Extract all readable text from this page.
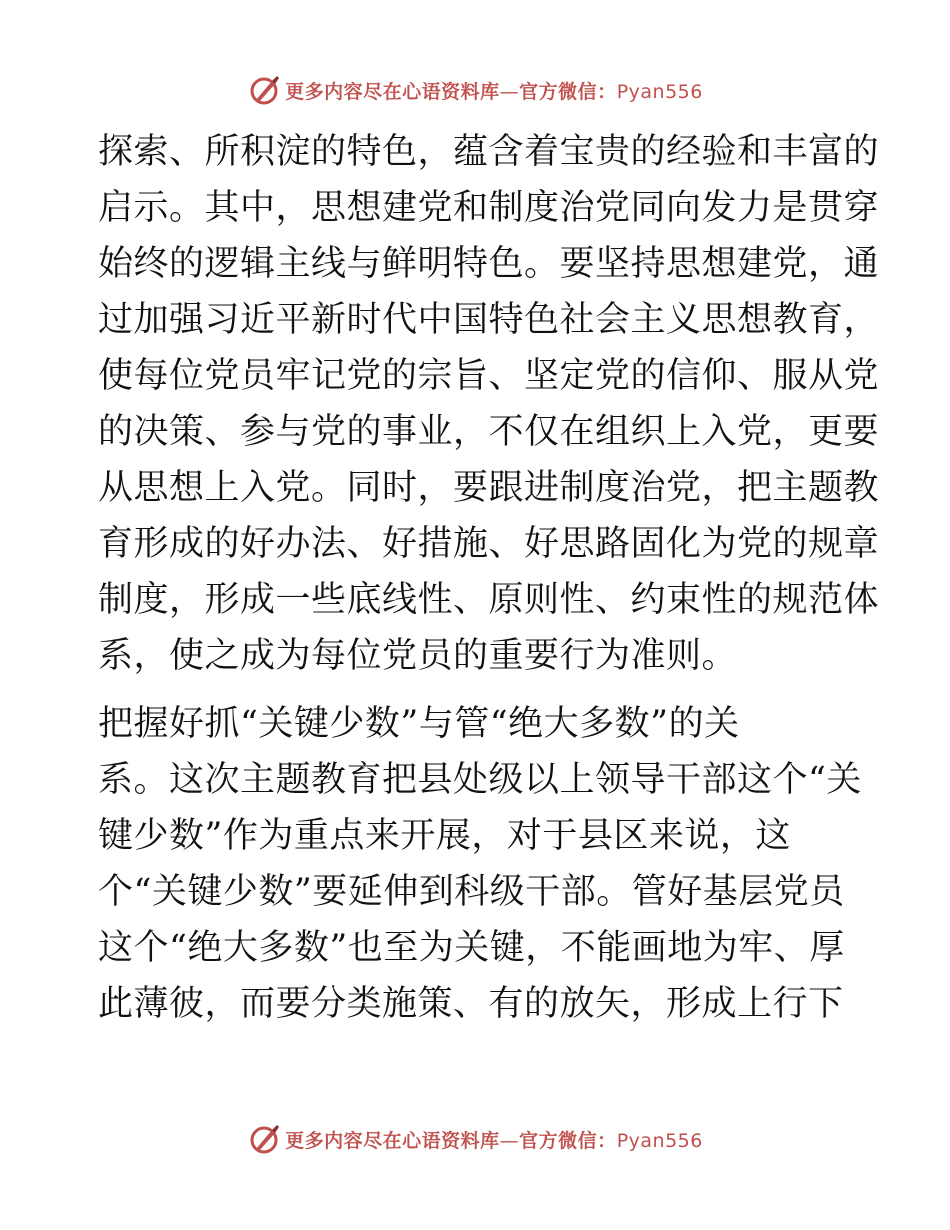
更多内容尽在心语资料库—官方微信：Pyan556
探索、所积淀的特色，蕴含着宝贵的经验和丰富的
启示。其中，思想建党和制度治党同向发力是贯穿
始终的逻辑主线与鲜明特色。要坚持思想建党，通
过加强习近平新时代中国特色社会主义思想教育，
使每位党员牢记党的宗旨、坚定党的信仰、服从党
的决策、参与党的事业，不仅在组织上入党，更要
从思想上入党。同时，要跟进制度治党，把主题教
育形成的好办法、好措施、好思路固化为党的规章
制度，形成一些底线性、原则性、约束性的规范体
系，使之成为每位党员的重要行为准则。
把握好抓“关键少数”与管“绝大多数”的关
系。这次主题教育把县处级以上领导干部这个“关
键少数”作为重点来开展，对于县区来说，这
个“关键少数”要延伸到科级干部。管好基层党员
这个“绝大多数”也至为关键，不能画地为牢、厚
此薄彼，而要分类施策、有的放矢，形成上行下
更多内容尽在心语资料库—官方微信：Pyan556
